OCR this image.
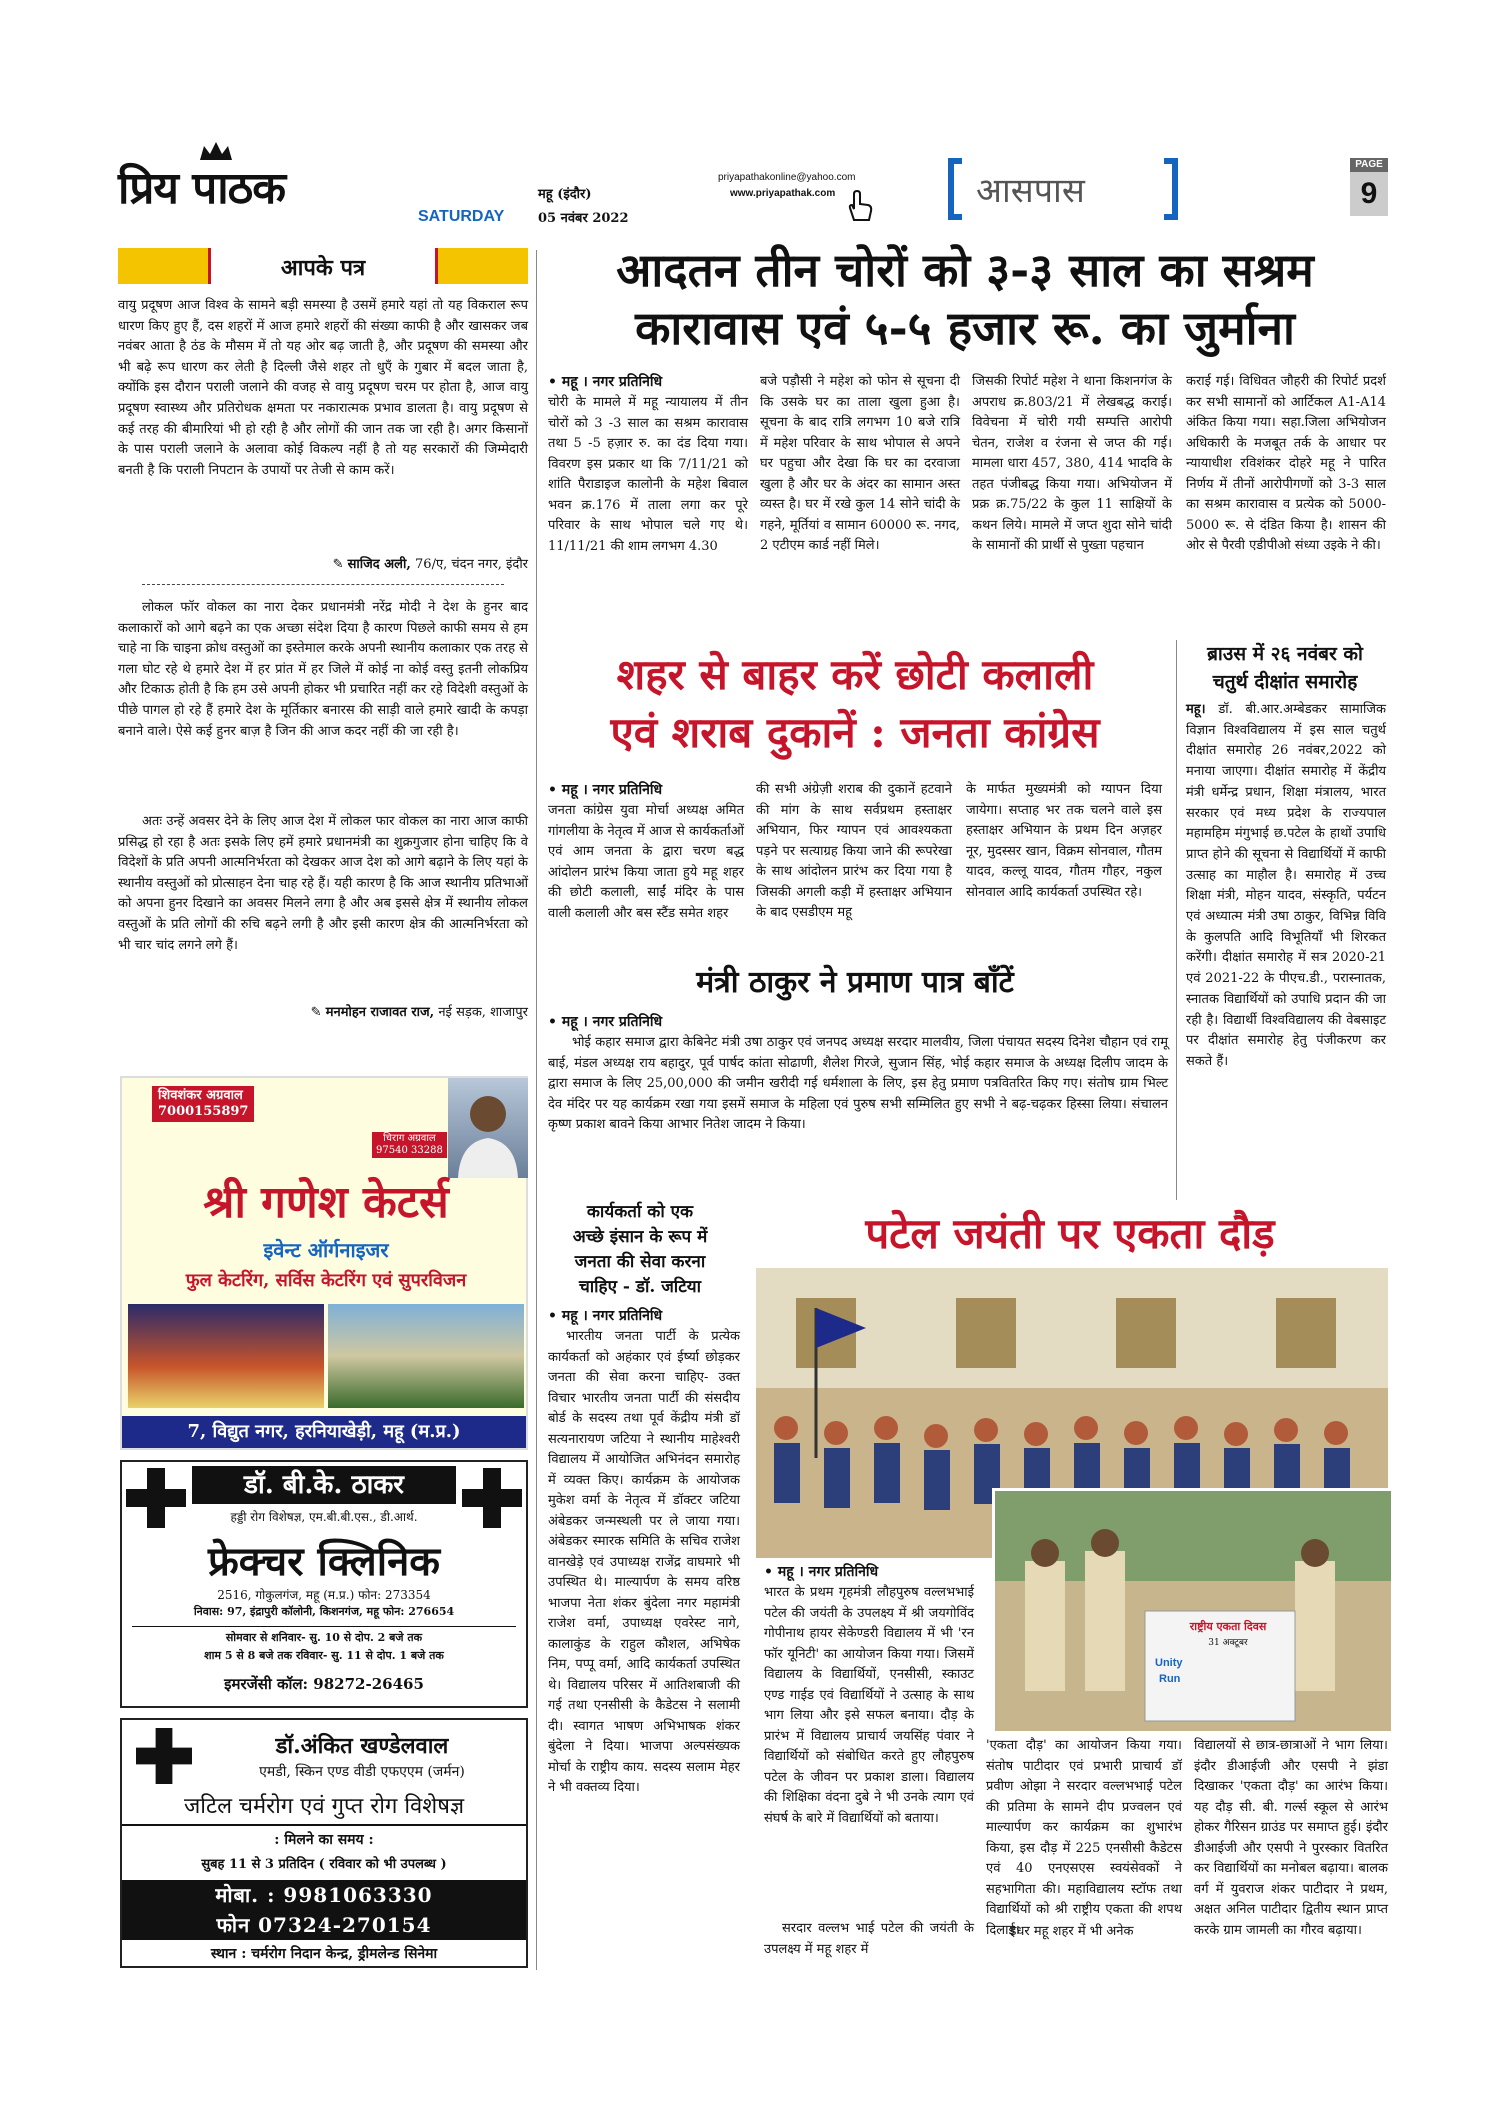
प्रिय पाठक
SATURDAY
महू (इंदौर)
05 नवंबर 2022
priyapathakonline@yahoo.com
www.priyapathak.com	आसपास
PAGE
9
आपके पत्र
वायु प्रदूषण आज विश्व के सामने बड़ी समस्या है उसमें हमारे यहां तो यह विकराल रूप धारण किए हुए हैं, दस शहरों में आज हमारे शहरों की संख्या काफी है और खासकर जब नवंबर आता है ठंड के मौसम में तो यह ओर बढ़ जाती है, और प्रदूषण की समस्या और भी बढ़े रूप धारण कर लेती है दिल्ली जैसे शहर तो धुएँ के गुबार में बदल जाता है, क्योंकि इस दौरान पराली जलाने की वजह से वायु प्रदूषण चरम पर होता है, आज वायु प्रदूषण स्वास्थ्य और प्रतिरोधक क्षमता पर नकारात्मक प्रभाव डालता है। वायु प्रदूषण से कई तरह की बीमारियां भी हो रही है और लोगों की जान तक जा रही है। अगर किसानों के पास पराली जलाने के अलावा कोई विकल्प नहीं है तो यह सरकारों की जिम्मेदारी बनती है कि पराली निपटान के उपायों पर तेजी से काम करें।
✎ साजिद अली, 76/ए, चंदन नगर, इंदौर
लोकल फॉर वोकल का नारा देकर प्रधानमंत्री नरेंद्र मोदी ने देश के हुनर बाद कलाकारों को आगे बढ़ने का एक अच्छा संदेश दिया है कारण पिछले काफी समय से हम चाहे ना कि चाइना क्रोध वस्तुओं का इस्तेमाल करके अपनी स्थानीय कलाकार एक तरह से गला घोट रहे थे हमारे देश में हर प्रांत में हर जिले में कोई ना कोई वस्तु इतनी लोकप्रिय और टिकाऊ होती है कि हम उसे अपनी होकर भी प्रचारित नहीं कर रहे विदेशी वस्तुओं के पीछे पागल हो रहे हैं हमारे देश के मूर्तिकार बनारस की साड़ी वाले हमारे खादी के कपड़ा बनाने वाले। ऐसे कई हुनर बाज़ है जिन की आज कदर नहीं की जा रही है।
अतः उन्हें अवसर देने के लिए आज देश में लोकल फार वोकल का नारा आज काफी प्रसिद्ध हो रहा है अतः इसके लिए हमें हमारे प्रधानमंत्री का शुक्रगुजार होना चाहिए कि वे विदेशों के प्रति अपनी आत्मनिर्भरता को देखकर आज देश को आगे बढ़ाने के लिए यहां के स्थानीय वस्तुओं को प्रोत्साहन देना चाह रहे हैं। यही कारण है कि आज स्थानीय प्रतिभाओं को अपना हुनर दिखाने का अवसर मिलने लगा है और अब इससे क्षेत्र में स्थानीय लोकल वस्तुओं के प्रति लोगों की रुचि बढ़ने लगी है और इसी कारण क्षेत्र की आत्मनिर्भरता को भी चार चांद लगने लगे हैं।
✎ मनमोहन राजावत राज, नई सड़क, शाजापुर
शिवशंकर अग्रवाल
7000155897
चिराग अग्रवाल
97540 33288
श्री गणेश केटर्स
इवेन्ट ऑर्गनाइजर
फुल केटरिंग, सर्विस केटरिंग एवं सुपरविजन
7, विद्युत नगर, हरनियाखेड़ी, महू (म.प्र.)
डॉ. बी.के. ठाकर
हड्डी रोग विशेषज्ञ, एम.बी.बी.एस., डी.आर्थ.
फ्रेक्चर क्लिनिक
2516, गोकुलगंज, महू (म.प्र.) फोन: 273354
निवास: 97, इंद्रापुरी कॉलोनी, किशनगंज, महू फोन: 276654
सोमवार से शनिवार- सु. 10 से दोप. 2 बजे तक
शाम 5 से 8 बजे तक रविवार- सु. 11 से दोप. 1 बजे तक
इमरजेंसी कॉल: 98272-26465
डॉ.अंकित खण्डेलवाल
एमडी, स्किन एण्ड वीडी एफएएम (जर्मन)
जटिल चर्मरोग एवं गुप्त रोग विशेषज्ञ
: मिलने का समय :
सुबह 11 से 3 प्रतिदिन ( रविवार को भी उपलब्ध )
मोबा. : 9981063330
फोन 07324-270154
स्थान : चर्मरोग निदान केन्द्र, ड्रीमलेन्ड सिनेमा
आदतन तीन चोरों को ३-३ साल का सश्रम
कारावास एवं ५-५ हजार रू. का जुर्माना
• महू । नगर प्रतिनिधि
चोरी के मामले में महू न्यायालय में तीन चोरों को 3 -3 साल का सश्रम कारावास तथा 5 -5 हज़ार रु. का दंड दिया गया। विवरण इस प्रकार था कि 7/11/21 को शांति पैराडाइज कालोनी के महेश बिवाल भवन क्र.176 में ताला लगा कर पूरे परिवार के साथ भोपाल चले गए थे। 11/11/21 की शाम लगभग 4.30
बजे पड़ौसी ने महेश को फोन से सूचना दी कि उसके घर का ताला खुला हुआ है। सूचना के बाद रात्रि लगभग 10 बजे रात्रि में महेश परिवार के साथ भोपाल से अपने घर पहुचा और देखा कि घर का दरवाजा खुला है और घर के अंदर का सामान अस्त व्यस्त है। घर में रखे कुल 14 सोने चांदी के गहने, मूर्तियां व सामान 60000 रू. नगद, 2 एटीएम कार्ड नहीं मिले।
जिसकी रिपोर्ट महेश ने थाना किशनगंज के अपराध क्र.803/21 में लेखबद्ध कराई। विवेचना में चोरी गयी सम्पत्ति आरोपी चेतन, राजेश व रंजना से जप्त की गई। मामला धारा 457, 380, 414 भादवि के तहत पंजीबद्ध किया गया। अभियोजन में प्रक्र क्र.75/22 के कुल 11 साक्षियों के कथन लिये। मामले में जप्त शुदा सोने चांदी के सामानों की प्रार्थी से पुख्ता पहचान
कराई गई। विधिवत जौहरी की रिपोर्ट प्रदर्श कर सभी सामानों को आर्टिकल A1-A14 अंकित किया गया। सहा.जिला अभियोजन अधिकारी के मजबूत तर्क के आधार पर न्यायाधीश रविशंकर दोहरे महू ने पारित निर्णय में तीनों आरोपीगणों को 3-3 साल का सश्रम कारावास व प्रत्येक को 5000-5000 रू. से दंडित किया है। शासन की ओर से पैरवी एडीपीओ संध्या उइके ने की।
शहर से बाहर करें छोटी कलाली
एवं शराब दुकानें : जनता कांग्रेस
• महू । नगर प्रतिनिधि
जनता कांग्रेस युवा मोर्चा अध्यक्ष अमित गांगलीया के नेतृत्व में आज से कार्यकर्ताओं एवं आम जनता के द्वारा चरण बद्ध आंदोलन प्रारंभ किया जाता हुये महू शहर की छोटी कलाली, साईं मंदिर के पास वाली कलाली और बस स्टैंड समेत शहर
की सभी अंग्रेज़ी शराब की दुकानें हटवाने की मांग के साथ सर्वप्रथम हस्ताक्षर अभियान, फिर ग्यापन एवं आवश्यकता पड़ने पर सत्याग्रह किया जाने की रूपरेखा के साथ आंदोलन प्रारंभ कर दिया गया है जिसकी अगली कड़ी में हस्ताक्षर अभियान के बाद एसडीएम महू
के मार्फत मुख्यमंत्री को ग्यापन दिया जायेगा। सप्ताह भर तक चलने वाले इस हस्ताक्षर अभियान के प्रथम दिन अज़हर नूर, मुदस्सर खान, विक्रम सोनवाल, गौतम यादव, कल्लू यादव, गौतम गौहर, नकुल सोनवाल आदि कार्यकर्ता उपस्थित रहे।
ब्राउस में २६ नवंबर को
चतुर्थ दीक्षांत समारोह
महू। डॉ. बी.आर.अम्बेडकर सामाजिक विज्ञान विश्वविद्यालय में इस साल चतुर्थ दीक्षांत समारोह 26 नवंबर,2022 को मनाया जाएगा। दीक्षांत समारोह में केंद्रीय मंत्री धर्मेन्द्र प्रधान, शिक्षा मंत्रालय, भारत सरकार एवं मध्य प्रदेश के राज्यपाल महामहिम मंगुभाई छ.पटेल के हाथों उपाधि प्राप्त होने की सूचना से विद्यार्थियों में काफी उत्साह का माहौल है। समारोह में उच्च शिक्षा मंत्री, मोहन यादव, संस्कृति, पर्यटन एवं अध्यात्म मंत्री उषा ठाकुर, विभिन्न विवि के कुलपति आदि विभूतियाँ भी शिरकत करेंगी। दीक्षांत समारोह में सत्र 2020-21 एवं 2021-22 के पीएच.डी., परास्नातक, स्नातक विद्यार्थियों को उपाधि प्रदान की जा रही है। विद्यार्थी विश्वविद्यालय की वेबसाइट पर दीक्षांत समारोह हेतु पंजीकरण कर सकते हैं।
मंत्री ठाकुर ने प्रमाण पात्र बाँटें
• महू । नगर प्रतिनिधि
भोई कहार समाज द्वारा केबिनेट मंत्री उषा ठाकुर एवं जनपद अध्यक्ष सरदार मालवीय, जिला पंचायत सदस्य दिनेश चौहान एवं रामू बाई, मंडल अध्यक्ष राय बहादुर, पूर्व पार्षद कांता सोढाणी, शैलेश गिरजे, सुजान सिंह, भोई कहार समाज के अध्यक्ष दिलीप जादम के द्वारा समाज के लिए 25,00,000 की जमीन खरीदी गई धर्मशाला के लिए, इस हेतु प्रमाण पत्रवितरित किए गए। संतोष ग्राम भिल्ट देव मंदिर पर यह कार्यक्रम रखा गया इसमें समाज के महिला एवं पुरुष सभी सम्मिलित हुए सभी ने बढ़-चढ़कर हिस्सा लिया। संचालन कृष्ण प्रकाश बावने किया आभार नितेश जादम ने किया।
कार्यकर्ता को एक
अच्छे इंसान के रूप में
जनता की सेवा करना
चाहिए - डॉ. जटिया
• महू । नगर प्रतिनिधि
भारतीय जनता पार्टी के प्रत्येक कार्यकर्ता को अहंकार एवं ईर्ष्या छोड़कर जनता की सेवा करना चाहिए- उक्त विचार भारतीय जनता पार्टी की संसदीय बोर्ड के सदस्य तथा पूर्व केंद्रीय मंत्री डॉ सत्यनारायण जटिया ने स्थानीय माहेश्वरी विद्यालय में आयोजित अभिनंदन समारोह में व्यक्त किए। कार्यक्रम के आयोजक मुकेश वर्मा के नेतृत्व में डॉक्टर जटिया अंबेडकर जन्मस्थली पर ले जाया गया। अंबेडकर स्मारक समिति के सचिव राजेश वानखेड़े एवं उपाध्यक्ष राजेंद्र वाघमारे भी उपस्थित थे। माल्यार्पण के समय वरिष्ठ भाजपा नेता शंकर बुंदेला नगर महामंत्री राजेश वर्मा, उपाध्यक्ष एवरेस्ट नागे, कालाकुंड के राहुल कौशल, अभिषेक निम, पप्पू वर्मा, आदि कार्यकर्ता उपस्थित थे। विद्यालय परिसर में आतिशबाजी की गई तथा एनसीसी के कैडेटस ने सलामी दी। स्वागत भाषण अभिभाषक शंकर बुंदेला ने दिया। भाजपा अल्पसंख्यक मोर्चा के राष्ट्रीय काय. सदस्य सलाम मेहर ने भी वक्तव्य दिया।
पटेल जयंती पर एकता दौड़
राष्ट्रीय एकता दिवस
31 अक्टूबर
Unity
Run
• महू । नगर प्रतिनिधि
भारत के प्रथम गृहमंत्री लौहपुरुष वल्लभभाई पटेल की जयंती के उपलक्ष्य में श्री जयगोविंद गोपीनाथ हायर सेकेण्डरी विद्यालय में भी 'रन फॉर यूनिटी' का आयोजन किया गया। जिसमें विद्यालय के विद्यार्थियों, एनसीसी, स्काउट एण्ड गाईड एवं विद्यार्थियों ने उत्साह के साथ भाग लिया और इसे सफल बनाया। दौड़ के प्रारंभ में विद्यालय प्राचार्य जयसिंह पंवार ने विद्यार्थियों को संबोधित करते हुए लौहपुरुष पटेल के जीवन पर प्रकाश डाला। विद्यालय की शिक्षिका वंदना दुबे ने भी उनके त्याग एवं संघर्ष के बारे में विद्यार्थियों को बताया।
सरदार वल्लभ भाई पटेल की जयंती के उपलक्ष्य में महू शहर में
'एकता दौड़' का आयोजन किया गया। संतोष पाटीदार एवं प्रभारी प्राचार्य डॉ प्रवीण ओझा ने सरदार वल्लभभाई पटेल की प्रतिमा के सामने दीप प्रज्वलन एवं माल्यार्पण कर कार्यक्रम का शुभारंभ किया, इस दौड़ में 225 एनसीसी कैडेटस एवं 40 एनएसएस स्वयंसेवकों ने सहभागिता की। महाविद्यालय स्टॉफ तथा विद्यार्थियों को श्री राष्ट्रीय एकता की शपथ दिलाई।
इधर महू शहर में भी अनेक
विद्यालयों से छात्र-छात्राओं ने भाग लिया। इंदौर डीआईजी और एसपी ने झंडा दिखाकर 'एकता दौड़' का आरंभ किया। यह दौड़ सी. बी. गर्ल्स स्कूल से आरंभ होकर गैरिसन ग्राउंड पर समाप्त हुई। इंदौर डीआईजी और एसपी ने पुरस्कार वितरित कर विद्यार्थियों का मनोबल बढ़ाया। बालक वर्ग में युवराज शंकर पाटीदार ने प्रथम, अक्षत अनिल पाटीदार द्वितीय स्थान प्राप्त करके ग्राम जामली का गौरव बढ़ाया।
